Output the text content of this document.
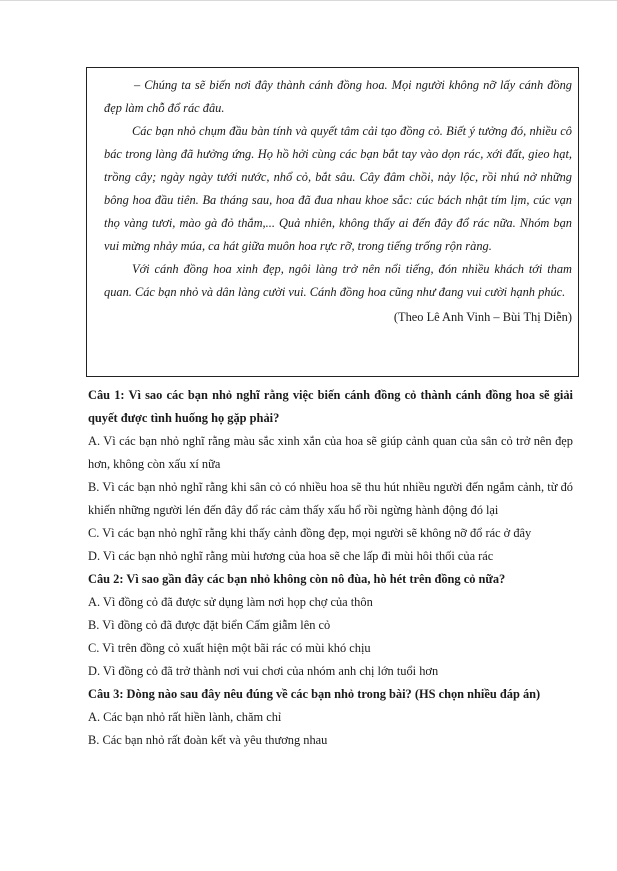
– Chúng ta sẽ biến nơi đây thành cánh đồng hoa. Mọi người không nỡ lấy cánh đồng đẹp làm chỗ đổ rác đâu.

Các bạn nhỏ chụm đầu bàn tính và quyết tâm cải tạo đồng cỏ. Biết ý tưởng đó, nhiều cô bác trong làng đã hưởng ứng. Họ hồ hởi cùng các bạn bắt tay vào dọn rác, xới đất, gieo hạt, trồng cây; ngày ngày tưới nước, nhổ cỏ, bắt sâu. Cây đâm chồi, nảy lộc, rồi nhú nở những bông hoa đầu tiên. Ba tháng sau, hoa đã đua nhau khoe sắc: cúc bách nhật tím lịm, cúc vạn thọ vàng tươi, mào gà đỏ thắm,... Quả nhiên, không thấy ai đến đây đổ rác nữa. Nhóm bạn vui mừng nhảy múa, ca hát giữa muôn hoa rực rỡ, trong tiếng trống rộn ràng.

Với cánh đồng hoa xinh đẹp, ngôi làng trở nên nổi tiếng, đón nhiều khách tới tham quan. Các bạn nhỏ và dân làng cười vui. Cánh đồng hoa cũng như đang vui cười hạnh phúc.

(Theo Lê Anh Vinh – Bùi Thị Diễn)

Câu 1: Vì sao các bạn nhỏ nghĩ rằng việc biến cánh đồng cỏ thành cánh đồng hoa sẽ giải quyết được tình huống họ gặp phải?

A. Vì các bạn nhỏ nghĩ rằng màu sắc xinh xắn của hoa sẽ giúp cảnh quan của sân cỏ trở nên đẹp hơn, không còn xấu xí nữa

B. Vì các bạn nhỏ nghĩ rằng khi sân cỏ có nhiều hoa sẽ thu hút nhiều người đến ngắm cảnh, từ đó khiến những người lén đến đây đổ rác cảm thấy xấu hổ rồi ngừng hành động đó lại

C. Vì các bạn nhỏ nghĩ rằng khi thấy cảnh đồng đẹp, mọi người sẽ không nỡ đổ rác ở đây

D. Vì các bạn nhỏ nghĩ rằng mùi hương của hoa sẽ che lấp đi mùi hôi thối của rác

Câu 2: Vì sao gần đây các bạn nhỏ không còn nô đùa, hò hét trên đồng cỏ nữa?

A. Vì đồng cỏ đã được sử dụng làm nơi họp chợ của thôn

B. Vì đồng cỏ đã được đặt biển Cấm giẫm lên cỏ

C. Vì trên đồng cỏ xuất hiện một bãi rác có mùi khó chịu

D. Vì đồng cỏ đã trở thành nơi vui chơi của nhóm anh chị lớn tuổi hơn

Câu 3: Dòng nào sau đây nêu đúng về các bạn nhỏ trong bài? (HS chọn nhiều đáp án)

A. Các bạn nhỏ rất hiền lành, chăm chỉ

B. Các bạn nhỏ rất đoàn kết và yêu thương nhau
